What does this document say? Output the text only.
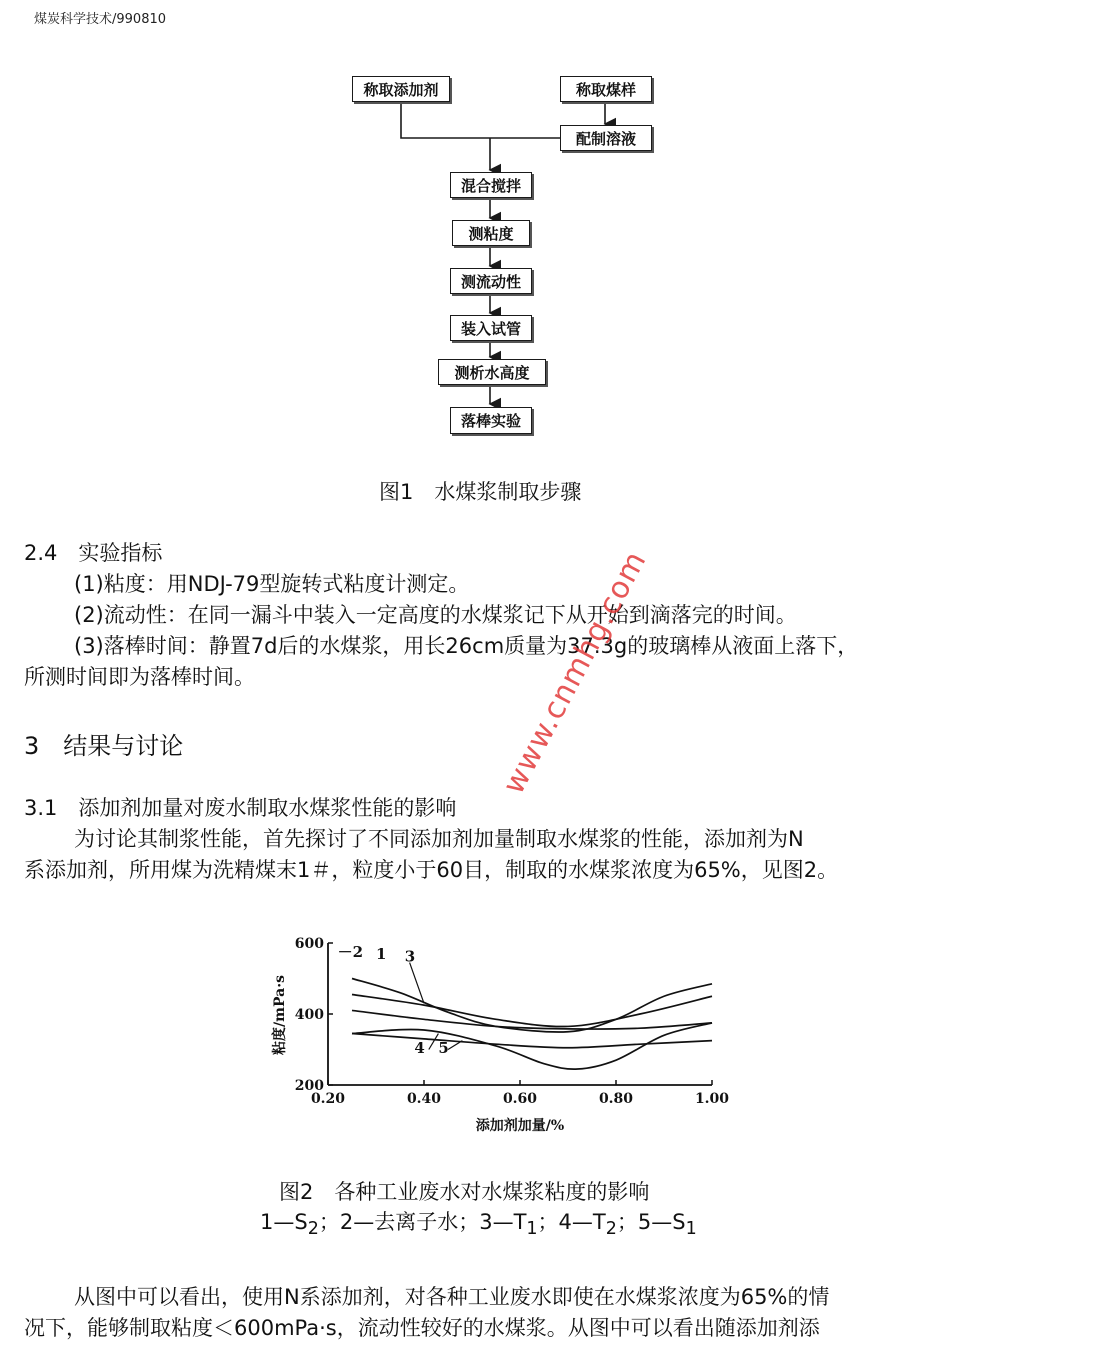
煤炭科学技术/990810
称取添加剂	称取煤样
配制溶液
混合搅拌
测粘度
测流动性
装入试管
测析水高度
落棒实验
图1　水煤浆制取步骤
2.4　实验指标
(1)粘度：用NDJ-79型旋转式粘度计测定。
(2)流动性：在同一漏斗中装入一定高度的水煤浆记下从开始到滴落完的时间。
(3)落棒时间：静置7d后的水煤浆，用长26cm质量为37.3g的玻璃棒从液面上落下，
所测时间即为落棒时间。
3　结果与讨论
3.1　添加剂加量对废水制取水煤浆性能的影响
为讨论其制浆性能，首先探讨了不同添加剂加量制取水煤浆的性能，添加剂为N
系添加剂，所用煤为洗精煤末1＃，粒度小于60目，制取的水煤浆浓度为65%，见图2。
0.20	0.40	0.60	0.80	1.00
200
400
600 －2 1 3
4 5
添加剂加量/%
粘度/mPa·s
图2　各种工业废水对水煤浆粘度的影响
$1—S_2$；2—去离子水；$3—T_1$；$4—T_2$；$5—S_1$
从图中可以看出，使用N系添加剂，对各种工业废水即使在水煤浆浓度为65%的情
况下，能够制取粘度＜600mPa·s，流动性较好的水煤浆。从图中可以看出随添加剂添
www.cnmhg.com
